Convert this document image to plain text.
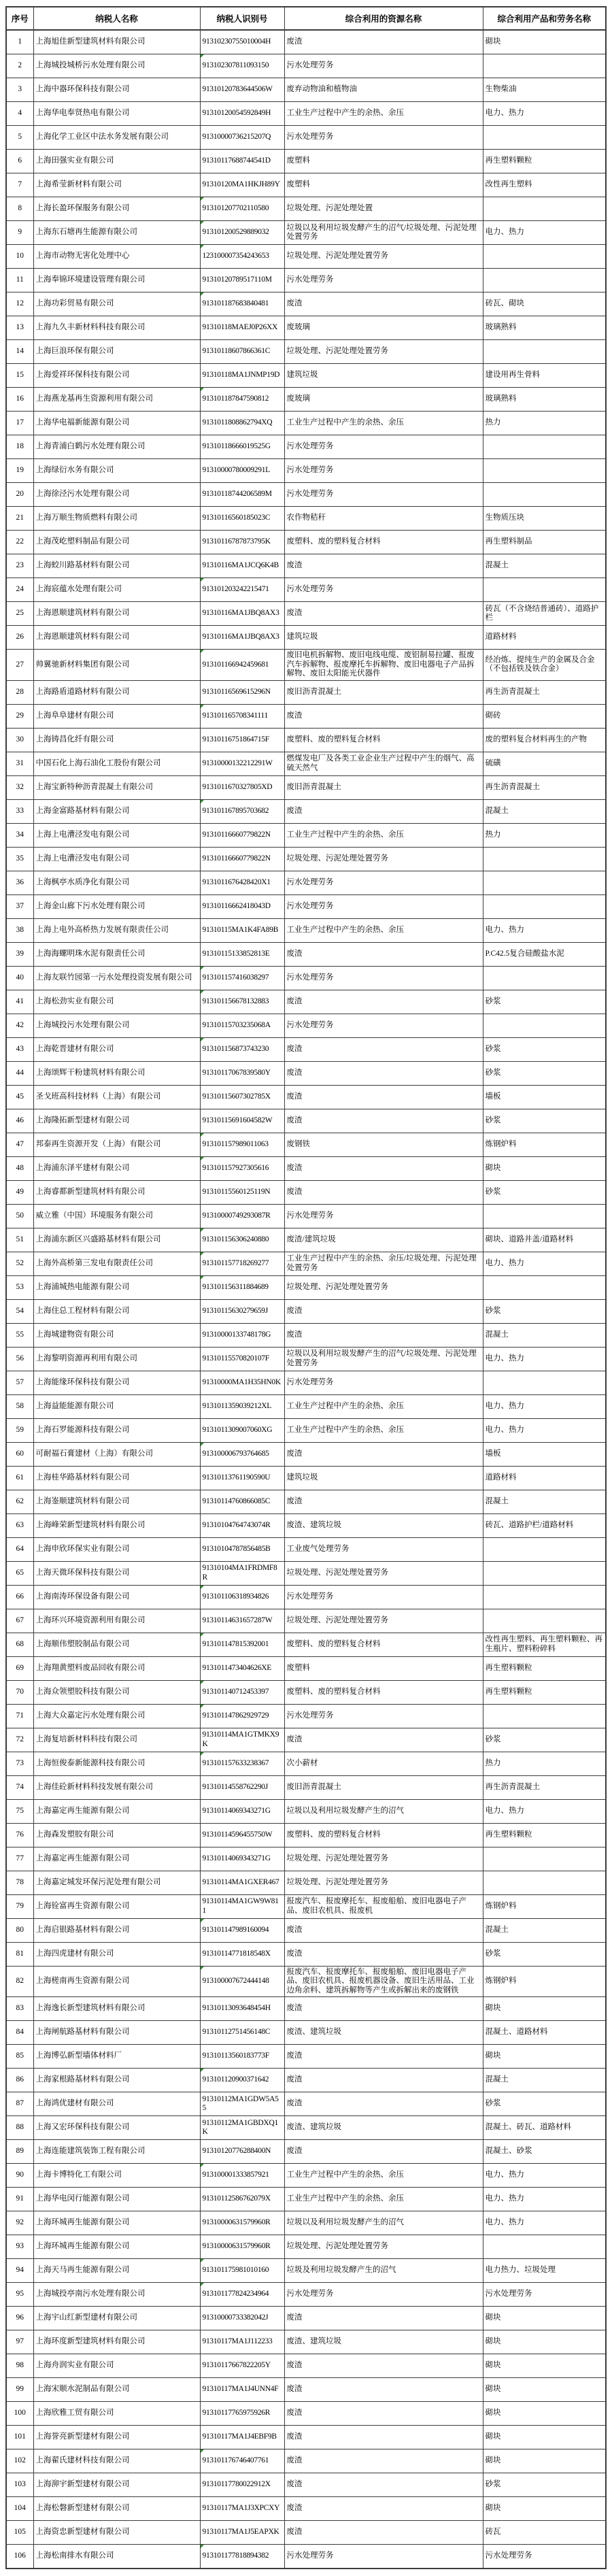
序号	纳税人名称	纳税人识别号	综合利用的资源名称	综合利用产品和劳务名称
1	上海旭佳新型建筑材料有限公司	91310230755010004H	废渣	砌块
2	上海城投城桥污水处理有限公司	913102307811093150	污水处理劳务	
3	上海中器环保科技有限公司	91310120783644506W	废弃动物油和植物油	生物柴油
4	上海华电奉贤热电有限公司	91310120054592849H	工业生产过程中产生的余热、余压	电力、热力
5	上海化学工业区中法水务发展有限公司	91310000736215207Q	污水处理劳务	
6	上海田强实业有限公司	91310117688744541D	废塑料	再生塑料颗粒
7	上海希莹新材料有限公司	91310120MA1HKJH89Y	废塑料	改性再生塑料
8	上海长盈环保服务有限公司	913101207702110580	垃圾处理、污泥处理处置	
9	上海东石塘再生能源有限公司	913101200529889032	垃圾以及利用垃圾发酵产生的沼气/垃圾处理、污泥处理处置劳务	电力、热力
10	上海市动物无害化处理中心	123100007354243653	垃圾处理、污泥处理处置劳务	
11	上海奉锦环境建设管理有限公司	91310120789517110M	污水处理劳务	
12	上海功彩贸易有限公司	913101187683840481	废渣	砖瓦、砌块
13	上海九久丰新材料科技有限公司	91310118MAEJ0P26XX	废玻璃	玻璃熟料
14	上海巨浪环保有限公司	91310118607866361C	垃圾处理、污泥处理处置劳务	
15	上海爱祥环保科技有限公司	91310118MA1JNMP19D	建筑垃圾	建设用再生骨料
16	上海燕龙基再生资源利用有限公司	913101187847590812	废玻璃	玻璃熟料
17	上海华电福新能源有限公司	9131011808862794XQ	工业生产过程中产生的余热、余压	热力
18	上海青浦白鹤污水处理有限公司	91310118666019525G	污水处理劳务	
19	上海绿衍水务有限公司	91310000780009291L	污水处理劳务	
20	上海徐泾污水处理有限公司	91310118744206589M	污水处理劳务	
21	上海万顺生物质燃料有限公司	91310116560185023C	农作物秸秆	生物质压块
22	上海茂屹塑料制品有限公司	91310116787873795K	废塑料、废的塑料复合材料	再生塑料制品
23	上海蛟川路基材料有限公司	91310116MA1JCQ6K4B	废渣	混凝土
24	上海宸蕴水处理有限公司	913101203242215471	污水处理劳务	
25	上海恩顺建筑材料有限公司	91310116MA1JBQ8AX3	废渣	砖瓦（不含烧结普通砖）、道路护栏
26	上海恩顺建筑材料有限公司	91310116MA1JBQ8AX3	建筑垃圾	道路材料
27	帅翼驰新材料集团有限公司	913101166942459681	废旧电机拆解物、废旧电线电缆、废铝制易拉罐、报废汽车拆解物、报废摩托车拆解物、废旧电器电子产品拆解物、废旧太阳能光伏器件	经冶炼、提纯生产的金属及合金（不包括铁及铁合金）
28	上海路盾道路材料有限公司	91310116569615296N	废旧沥青混凝土	再生沥青混凝土
29	上海阜阜建材有限公司	913101165708341111	废渣	砌砖
30	上海铸昌化纤有限公司	91310116751864715F	废塑料、废的塑料复合材料	废的塑料复合材料再生的产物
31	中国石化上海石油化工股份有限公司	91310000132212291W	燃煤发电厂及各类工业企业生产过程中产生的烟气、高硫天然气	硫磺
32	上海宝新特种沥青混凝土有限公司	9131011670327805XD	废旧沥青混凝土	再生沥青混凝土
33	上海金富路基材料有限公司	913101167895703682	废渣	混凝土
34	上海上电漕泾发电有限公司	91310116660779822N	工业生产过程中产生的余热、余压	热力
35	上海上电漕泾发电有限公司	91310116660779822N	垃圾处理、污泥处理处置劳务	
36	上海枫亭水质净化有限公司	9131011676428420X1	污水处理劳务	
37	上海金山廊下污水处理有限公司	91310116662418043D	污水处理劳务	
38	上海上电外高桥热力发展有限责任公司	91310115MA1K4FA89B	工业生产过程中产生的余热、余压	电力、热力
39	上海海螺明珠水泥有限责任公司	91310115133852813E	废渣	P.C42.5复合硅酸盐水泥
40	上海友联竹园第一污水处理投资发展有限公司	913101157416038297	污水处理劳务	
41	上海松劲实业有限公司	913101156678132883	废渣	砂浆
42	上海城投污水处理有限公司	91310115703235068A	污水处理劳务	
43	上海乾晋建材有限公司	913101156873743230	废渣	砂浆
44	上海颂辉干粉建筑材料有限公司	91310117067839580Y	废渣	砂浆
45	圣戈班高科技材料（上海）有限公司	91310115607302785X	废渣	墙板
46	上海隆拓新型建材有限公司	91310115691604582W	废渣	砂浆
47	邦泰再生资源开发（上海）有限公司	913101157989011063	废钢铁	炼钢炉料
48	上海浦东泽平建材有限公司	913101157927305616	废渣	砌块
49	上海睿都新型建筑材料有限公司	91310115560125119N	废渣	砂浆
50	威立雅（中国）环境服务有限公司	91310000749293087R	污水处理劳务	
51	上海浦东新区兴盛路基材料有限公司	913101156306240880	废渣/建筑垃圾	砌块、道路井盖/道路材料
52	上海外高桥第三发电有限责任公司	913101157718269277	工业生产过程中产生的余热、余压/垃圾处理、污泥处理处置劳务	电力、热力
53	上海浦城热电能源有限公司	913101156311884689	垃圾处理、污泥处理处置劳务	
54	上海住总工程材料有限公司	91310115630279659J	废渣	砂浆
55	上海城建物资有限公司	91310000133748178G	废渣	混凝土
56	上海黎明资源再利用有限公司	91310115570820107F	垃圾以及利用垃圾发酵产生的沼气/垃圾处理、污泥处理处置劳务	电力、热力
57	上海能缘环保科技有限公司	91310000MA1H35HN0K	污水处理劳务	
58	上海益能能源有限公司	9131011359039212XL	工业生产过程中产生的余热、余压	电力、热力
59	上海石罗能源科技有限公司	9131011309007060XG	工业生产过程中产生的余热、余压	电力、热力
60	可耐福石膏建材（上海）有限公司	913100006793764685	废渣	墙板
61	上海桂华路基材料有限公司	91310113761190590U	建筑垃圾	道路材料
62	上海崟顺建筑材料有限公司	91310114760866085C	废渣	混凝土
63	上海峰荣新型建筑材料有限公司	91310104764743074R	废渣、建筑垃圾	砖瓦、道路护栏/道路材料
64	上海申欣环保实业有限公司	91310104787856485B	工业废气处理劳务	
65	上海天微环保科技有限公司	91310104MA1FRDMF8R	垃圾处理、污泥处理处置劳务	
66	上海南涛环保设备有限公司	913101106318934826	污水处理劳务	
67	上海环兴环境资源利用有限公司	91310114631657287W	垃圾处理、污泥处理处置劳务	
68	上海顺伟塑胶制品有限公司	913101147815392001	废塑料、废的塑料复合材料	改性再生塑料、再生塑料颗粒、再生瓶片、塑料粉碎料
69	上海翔黄塑料废品回收有限公司	9131011473404626XE	废塑料	再生塑料颗粒
70	上海众领塑胶科技有限公司	913101140712453397	废塑料、废的塑料复合材料	再生塑料颗粒
71	上海大众嘉定污水处理有限公司	913101147862929729	污水处理劳务	
72	上海复培新材料科技有限公司	91310114MA1GTMKX9K	废渣	砂浆
73	上海恒俊泰新能源科技有限公司	913101157633238367	次小薪材	热力
74	上海佳砼新材料科技发展有限公司	91310114558762290J	废旧沥青混凝土	再生沥青混凝土
75	上海嘉定再生能源有限公司	91310114069343271G	垃圾以及利用垃圾发酵产生的沼气	电力、热力
76	上海森发塑胶有限公司	91310114596455750W	废塑料、废的塑料复合材料	再生塑料颗粒
77	上海嘉定再生能源有限公司	91310114069343271G	垃圾处理、污泥处理处置劳务	
78	上海嘉定城发环保污泥处理有限公司	91310114MA1GXER467	垃圾处理、污泥处理处置劳务	
79	上海铨富再生资源有限公司	91310114MA1GW9W811	报废汽车、报废摩托车、报废船舶、废旧电器电子产品、废旧农机具、报废机	炼钢炉料
80	上海启银路基材料有限公司	913101147989160094	废渣	混凝土
81	上海四虎建材有限公司	91310114771818548X	废渣	砂浆
82	上海槎南再生资源有限公司	913100007672444148	报废汽车、报废摩托车、报废船舶、废旧电器电子产品、废旧农机具、报废机器设备、废旧生活用品、工业边角余料、建筑拆解物等产生或拆解出来的废钢铁	炼钢炉料
83	上海逸长新型建筑材料有限公司	91310113093648454H	废渣	砌块
84	上海闸航路基材料有限公司	91310112751456148C	废渣、建筑垃圾	混凝土、道路材料
85	上海博弘新型墙体材料厂	91310113560183773F	废渣	砌块
86	上海家根路基材料有限公司	913101120900371642	废渣	混凝土
87	上海鸿优建材有限公司	91310112MA1GDW5A55	废渣	砂浆
88	上海又宏环保科技有限公司	91310112MA1GBDXQ1K	废渣、建筑垃圾	混凝土、砖瓦、道路材料
89	上海连能建筑装饰工程有限公司	91310120776288400N	废渣	混凝土、砂浆
90	上海卡博特化工有限公司	913100001333857921	工业生产过程中产生的余热、余压	电力、热力
91	上海华电闵行能源有限公司	91310112586762079X	工业生产过程中产生的余热、余压	电力、热力
92	上海环城再生能源有限公司	91310000631579960R	垃圾以及利用垃圾发酵产生的沼气	电力、热力
93	上海环城再生能源有限公司	91310000631579960R	垃圾处理、污泥处理处置劳务	
94	上海天马再生能源有限公司	913101175981010160	垃圾及利用垃圾发酵产生的沼气	电力热力、垃圾处理
95	上海城投亭南污水处理有限公司	913101177824234964	污水处理劳务	污水处理劳务
96	上海宇山红新型建材有限公司	91310000733382042J	废渣	砌块
97	上海环度新型建筑材料有限公司	91310117MA1J112233	废渣、建筑垃圾	砌块
98	上海舟润实业有限公司	91310117667822205Y	废渣	砌块
99	上海宋顺水泥制品有限公司	91310117MA1J4UNN4F	废渣	砌块
100	上海欣雅工贸有限公司	91310117765975926R	废渣	砌块
101	上海誉亮新型建材有限公司	91310117MA1J4EBF9B	废渣	砌块
102	上海翟氏建材科技有限公司	913101176746407761	废渣	砌块
103	上海泖宇新型建材有限公司	91310117780022912X	废渣	砂浆
104	上海松磐新型建材有限公司	91310117MA1J3XPCXY	废渣	砌块
105	上海资忠新型建材有限公司	91310117MA1J5EAPXK	废渣	砖瓦
106	上海松南排水有限公司	913101177818894382	污水处理劳务	污水处理劳务
